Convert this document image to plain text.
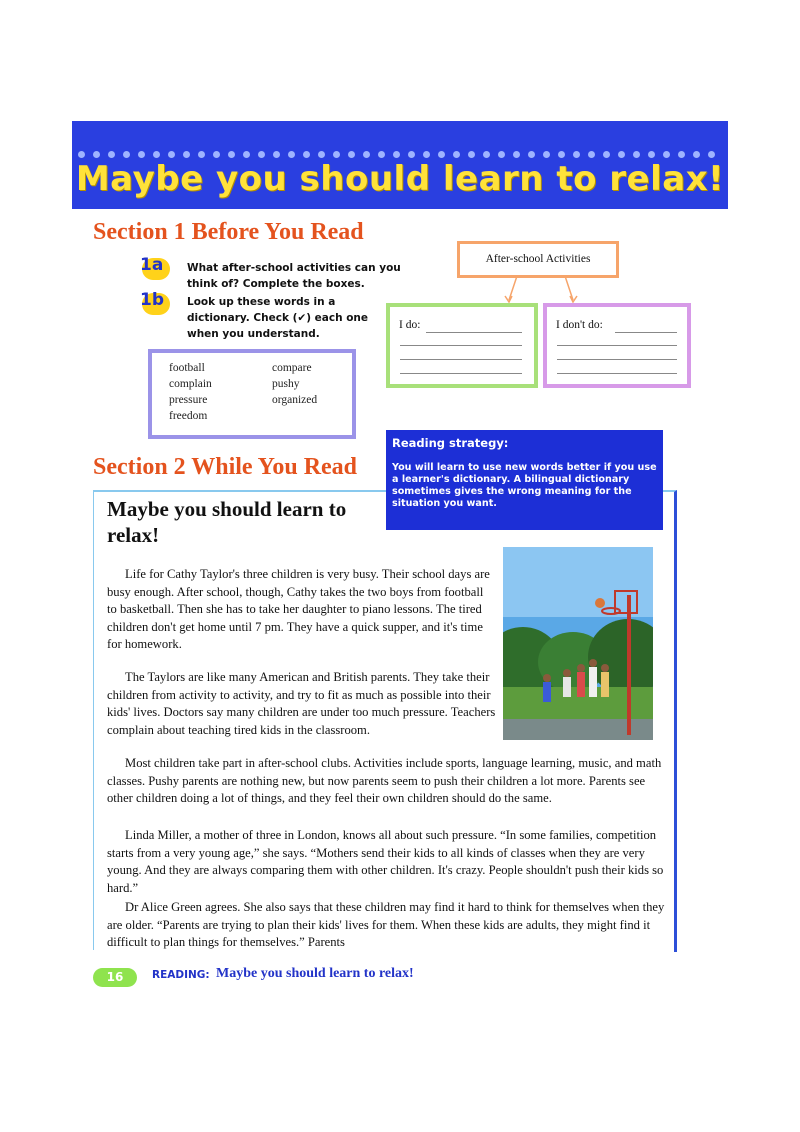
Maybe you should learn to relax!
Section 1 Before You Read
1a What after-school activities can you think of? Complete the boxes.
1b Look up these words in a dictionary. Check (✔) each one when you understand.
football
complain
pressure
freedom
compare
pushy
organized
After-school Activities
I do:	I don't do:
Section 2 While You Read
Reading strategy:
You will learn to use new words better if you use a learner's dictionary. A bilingual dictionary sometimes gives the wrong meaning for the situation you want.
Maybe you should learn to relax!

Life for Cathy Taylor's three children is very busy. Their school days are busy enough. After school, though, Cathy takes the two boys from football to basketball. Then she has to take her daughter to piano lessons. The tired children don't get home until 7 pm. They have a quick supper, and it's time for homework.

The Taylors are like many American and British parents. They take their children from activity to activity, and try to fit as much as possible into their kids' lives. Doctors say many children are under too much pressure. Teachers complain about teaching tired kids in the classroom.

Most children take part in after-school clubs. Activities include sports, language learning, music, and math classes. Pushy parents are nothing new, but now parents seem to push their children a lot more. Parents see other children doing a lot of things, and they feel their own children should do the same.

Linda Miller, a mother of three in London, knows all about such pressure. “In some families, competition starts from a very young age,” she says. “Mothers send their kids to all kinds of classes when they are very young. And they are always comparing them with other children. It's crazy. People shouldn't push their kids so hard.”

Dr Alice Green agrees. She also says that these children may find it hard to think for themselves when they are older. “Parents are trying to plan their kids' lives for them. When these kids are adults, they might find it difficult to plan things for themselves.” Parents

16	READING: Maybe you should learn to relax!
